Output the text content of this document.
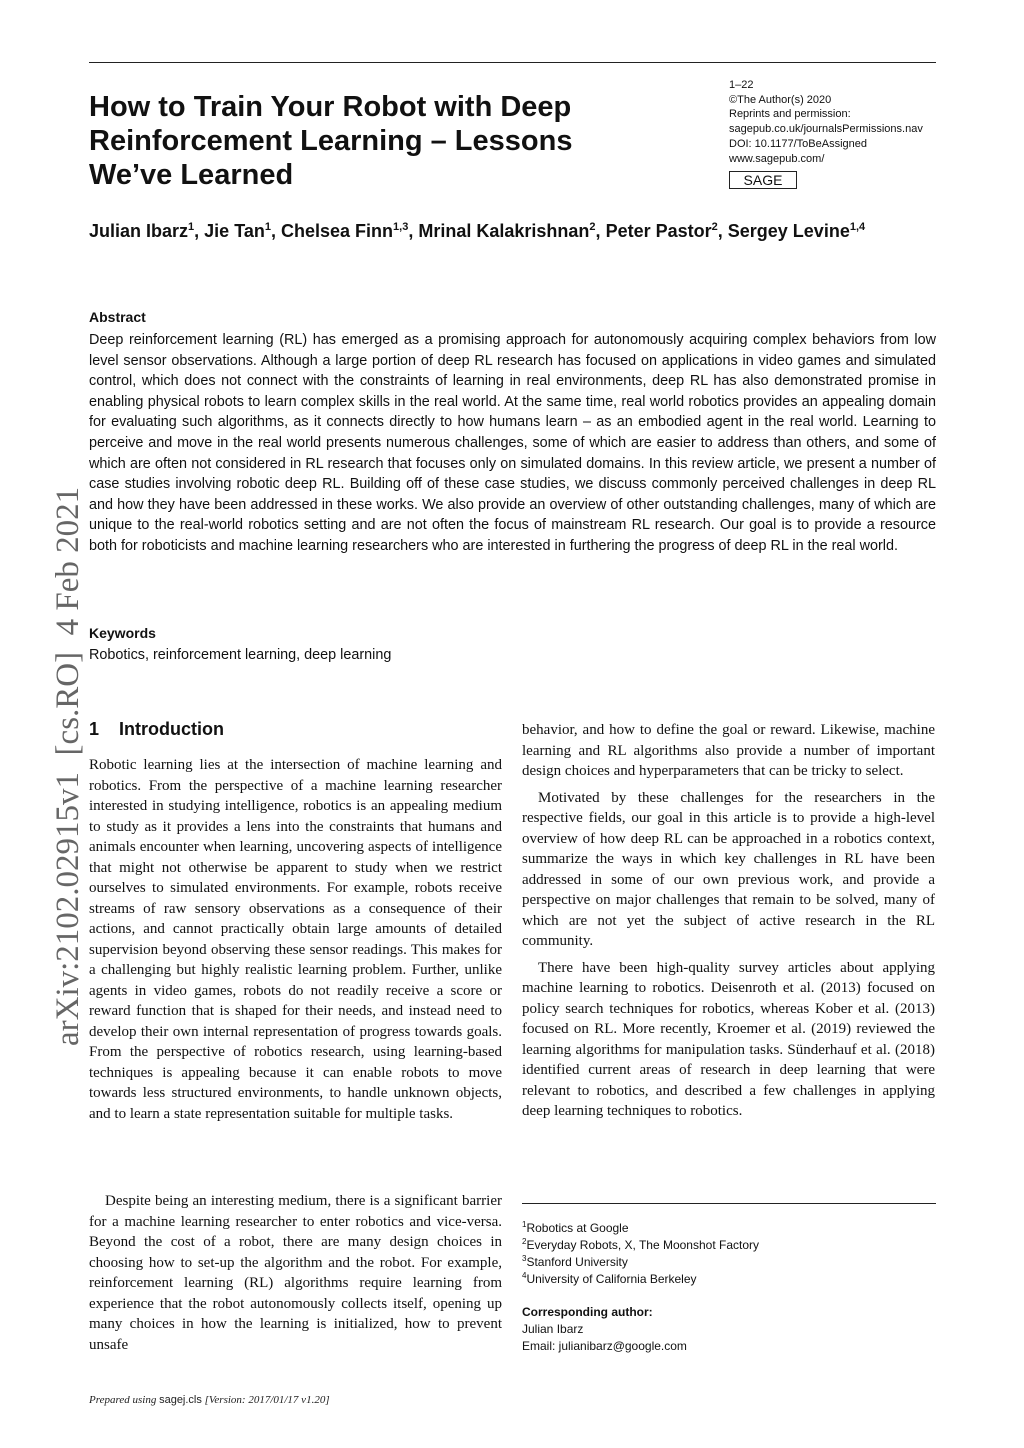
How to Train Your Robot with Deep Reinforcement Learning – Lessons We’ve Learned
1–22
©The Author(s) 2020
Reprints and permission:
sagepub.co.uk/journalsPermissions.nav
DOI: 10.1177/ToBeAssigned
www.sagepub.com/
SAGE
Julian Ibarz$^1$, Jie Tan$^1$, Chelsea Finn$^{1,3}$, Mrinal Kalakrishnan$^2$, Peter Pastor$^2$, Sergey Levine$^{1,4}$
Abstract

Deep reinforcement learning (RL) has emerged as a promising approach for autonomously acquiring complex behaviors from low level sensor observations. Although a large portion of deep RL research has focused on applications in video games and simulated control, which does not connect with the constraints of learning in real environments, deep RL has also demonstrated promise in enabling physical robots to learn complex skills in the real world. At the same time, real world robotics provides an appealing domain for evaluating such algorithms, as it connects directly to how humans learn – as an embodied agent in the real world. Learning to perceive and move in the real world presents numerous challenges, some of which are easier to address than others, and some of which are often not considered in RL research that focuses only on simulated domains. In this review article, we present a number of case studies involving robotic deep RL. Building off of these case studies, we discuss commonly perceived challenges in deep RL and how they have been addressed in these works. We also provide an overview of other outstanding challenges, many of which are unique to the real-world robotics setting and are not often the focus of mainstream RL research. Our goal is to provide a resource both for roboticists and machine learning researchers who are interested in furthering the progress of deep RL in the real world.

Keywords
Robotics, reinforcement learning, deep learning
arXiv:2102.02915v1  [cs.RO]  4 Feb 2021 1 Introduction

Robotic learning lies at the intersection of machine learning and robotics. From the perspective of a machine learning researcher interested in studying intelligence, robotics is an appealing medium to study as it provides a lens into the constraints that humans and animals encounter when learning, uncovering aspects of intelligence that might not otherwise be apparent to study when we restrict ourselves to simulated environments. For example, robots receive streams of raw sensory observations as a consequence of their actions, and cannot practically obtain large amounts of detailed supervision beyond observing these sensor readings. This makes for a challenging but highly realistic learning problem. Further, unlike agents in video games, robots do not readily receive a score or reward function that is shaped for their needs, and instead need to develop their own internal representation of progress towards goals. From the perspective of robotics research, using learning-based techniques is appealing because it can enable robots to move towards less structured environments, to handle unknown objects, and to learn a state representation suitable for multiple tasks.

Despite being an interesting medium, there is a significant barrier for a machine learning researcher to enter robotics and vice-versa. Beyond the cost of a robot, there are many design choices in choosing how to set-up the algorithm and the robot. For example, reinforcement learning (RL) algorithms require learning from experience that the robot autonomously collects itself, opening up many choices in how the learning is initialized, how to prevent unsafe

behavior, and how to define the goal or reward. Likewise, machine learning and RL algorithms also provide a number of important design choices and hyperparameters that can be tricky to select.

Motivated by these challenges for the researchers in the respective fields, our goal in this article is to provide a high-level overview of how deep RL can be approached in a robotics context, summarize the ways in which key challenges in RL have been addressed in some of our own previous work, and provide a perspective on major challenges that remain to be solved, many of which are not yet the subject of active research in the RL community.

There have been high-quality survey articles about applying machine learning to robotics. Deisenroth et al. (2013) focused on policy search techniques for robotics, whereas Kober et al. (2013) focused on RL. More recently, Kroemer et al. (2019) reviewed the learning algorithms for manipulation tasks. Sünderhauf et al. (2018) identified current areas of research in deep learning that were relevant to robotics, and described a few challenges in applying deep learning techniques to robotics.

$^1$Robotics at Google
$^2$Everyday Robots, X, The Moonshot Factory
$^3$Stanford University
$^4$University of California Berkeley
Corresponding author:
Julian Ibarz
Email: julianibarz@google.com
Prepared using sagej.cls [Version: 2017/01/17 v1.20]
